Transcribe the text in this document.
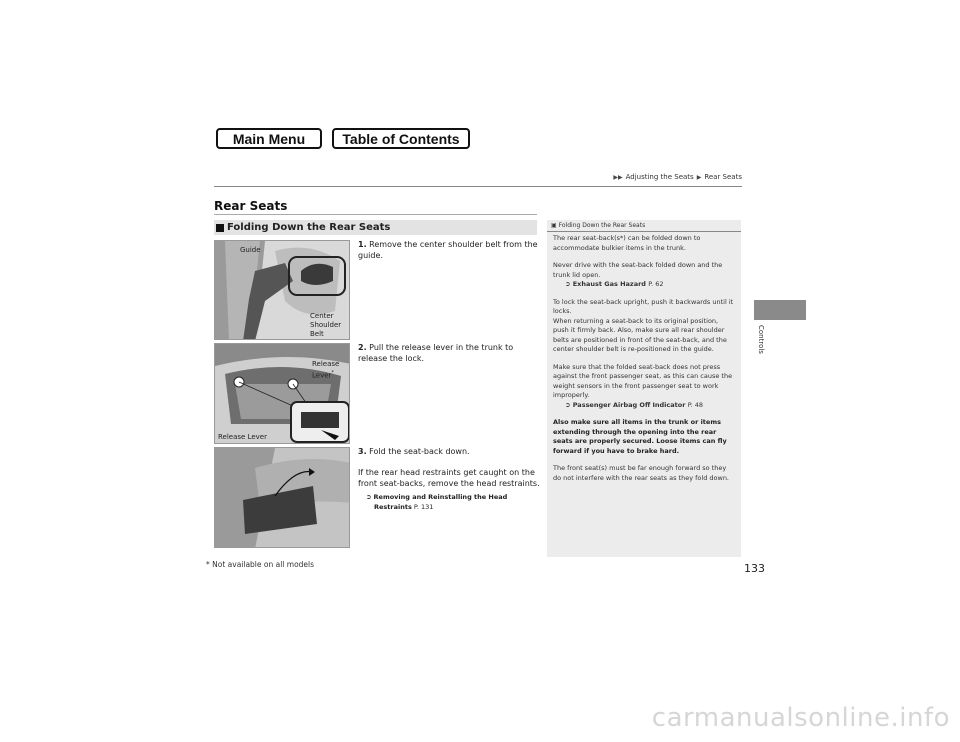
Main Menu	Table of Contents
▶▶ Adjusting the Seats ▶ Rear Seats
Controls
Rear Seats
Folding Down the Rear Seats
Guide
Center
Shoulder
Belt
Release Lever
Release
Lever*
1. Remove the center shoulder belt from the guide.
2. Pull the release lever in the trunk to release the lock.
3. Fold the seat-back down.
If the rear head restraints get caught on the front seat-backs, remove the head restraints.
➲ Removing and Reinstalling the Head
Restraints P. 131
▣ Folding Down the Rear Seats
The rear seat-back(s*) can be folded down to accommodate bulkier items in the trunk.
Never drive with the seat-back folded down and the trunk lid open.
➲ Exhaust Gas Hazard P. 62
To lock the seat-back upright, push it backwards until it locks.
When returning a seat-back to its original position, push it firmly back. Also, make sure all rear shoulder belts are positioned in front of the seat-back, and the center shoulder belt is re-positioned in the guide.
Make sure that the folded seat-back does not press against the front passenger seat, as this can cause the weight sensors in the front passenger seat to work improperly.
➲ Passenger Airbag Off Indicator P. 48
Also make sure all items in the trunk or items extending through the opening into the rear seats are properly secured. Loose items can fly forward if you have to brake hard.
The front seat(s) must be far enough forward so they do not interfere with the rear seats as they fold down.
* Not available on all models	133
carmanualsonline.info
